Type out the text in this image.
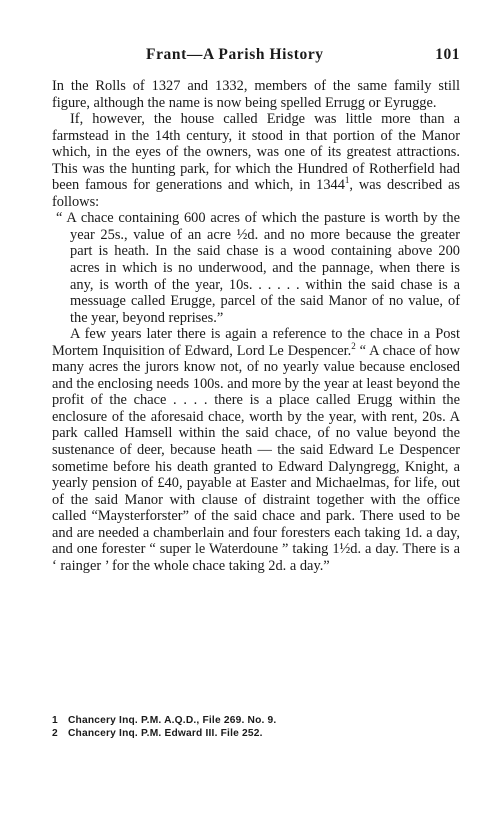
Frant—A Parish History	101

In the Rolls of 1327 and 1332, members of the same family still figure, although the name is now being spelled Errugg or Eyrugge.

If, however, the house called Eridge was little more than a farmstead in the 14th century, it stood in that portion of the Manor which, in the eyes of the owners, was one of its greatest attractions. This was the hunting park, for which the Hundred of Rotherfield had been famous for generations and which, in 1344$^1$, was described as follows:

“ A chace containing 600 acres of which the pasture is worth by the year 25s., value of an acre ½d. and no more because the greater part is heath. In the said chase is a wood containing above 200 acres in which is no underwood, and the pannage, when there is any, is worth of the year, 10s. . . . . . within the said chase is a messuage called Erugge, parcel of the said Manor of no value, of the year, beyond reprises.”

A few years later there is again a reference to the chace in a Post Mortem Inquisition of Edward, Lord Le Despencer.$^2$ “ A chace of how many acres the jurors know not, of no yearly value because enclosed and the enclosing needs 100s. and more by the year at least beyond the profit of the chace . . . . there is a place called Erugg within the enclosure of the aforesaid chace, worth by the year, with rent, 20s. A park called Hamsell within the said chace, of no value beyond the sustenance of deer, because heath — the said Edward Le Despencer sometime before his death granted to Edward Dalyngregg, Knight, a yearly pension of £40, payable at Easter and Michaelmas, for life, out of the said Manor with clause of distraint together with the office called “Maysterforster” of the said chace and park. There used to be and are needed a chamberlain and four foresters each taking 1d. a day, and one forester “ super le Waterdoune ” taking 1½d. a day. There is a ‘ rainger ’ for the whole chace taking 2d. a day.”

1 Chancery Inq. P.M. A.Q.D., File 269. No. 9.

2 Chancery Inq. P.M. Edward III. File 252.
